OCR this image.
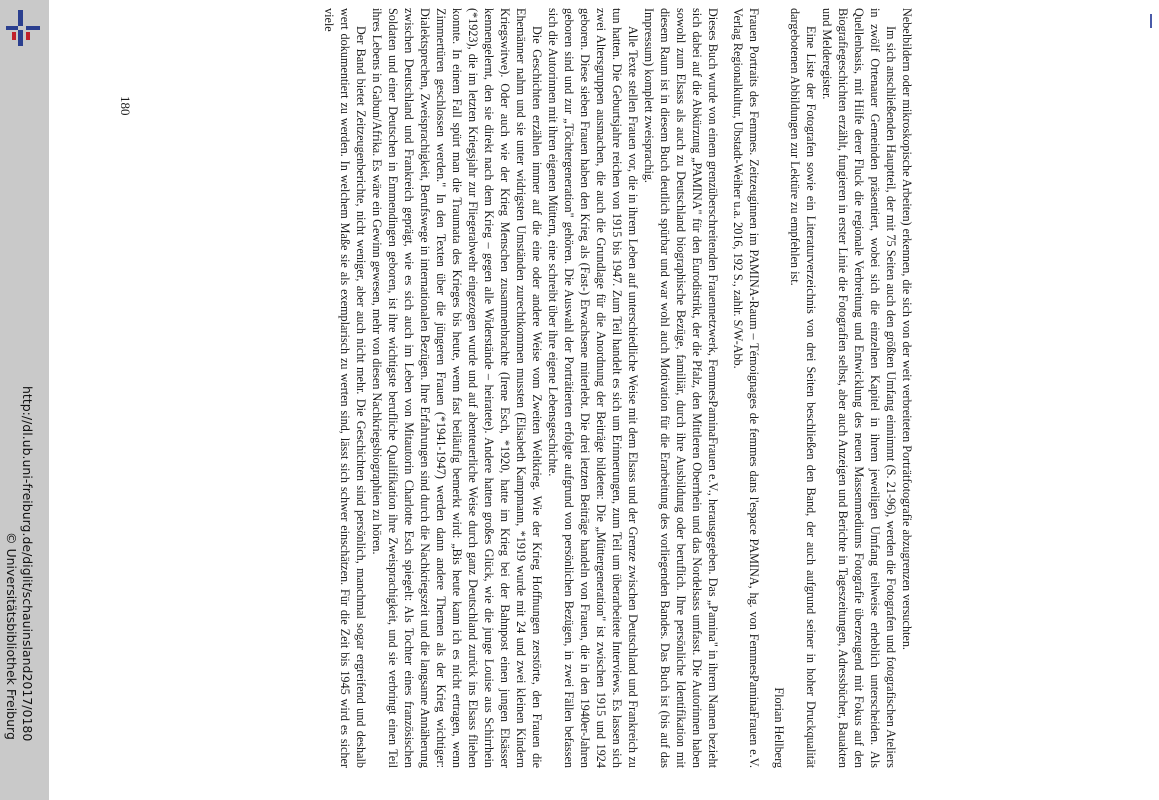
http://dl.ub.uni-freiburg.de/diglit/schauinsland2017/0180
© Universitätsbibliothek Freiburg
180	Nebelbildern oder mikroskopische Arbeiten) erkennen, die sich von der weit verbreiteten Porträtfotografie abzugrenzen versuchten.

Im sich anschließenden Hauptteil, der mit 75 Seiten auch den größten Umfang einnimmt (S. 21-96), werden die Fotografen und fotografischen Ateliers in zwölf Ortenauer Gemeinden präsentiert, wobei sich die einzelnen Kapitel in ihrem jeweiligen Umfang teilweise erheblich unterscheiden. Als Quellenbasis, mit Hilfe derer Fluck die regionale Verbreitung und Entwicklung des neuen Massenmediums Fotografie überzeugend mit Fokus auf den Biografiegeschichten erzählt, fungieren in erster Linie die Fotografien selbst, aber auch Anzeigen und Berichte in Tageszeitungen, Adressbücher, Bauakten und Melderegister.

Eine Liste der Fotografen sowie ein Literaturverzeichnis von drei Seiten beschließen den Band, der auch aufgrund seiner in hoher Druckqualität dargebotenen Abbildungen zur Lektüre zu empfehlen ist.

Florian Hellberg

Frauen Portraits des Femmes. Zeitzeuginnen im PAMINA-Raum – Témoignages de femmes dans l'espace PAMINA, hg. von FemmesPaminaFrauen e.V. Verlag Regionalkultur, Ubstadt-Weiher u.a. 2016, 192 S., zahlr. S/W-Abb.

Dieses Buch wurde von einem grenzüberschreitenden Frauennetzwerk, FemmesPaminaFrauen e.V., herausgegeben. Das „Pamina" in ihrem Namen bezieht sich dabei auf die Abkürzung „PAMINA" für den Eurodistrikt, der die Pfalz, den Mittleren Oberrhein und das Nordelsass umfasst. Die Autorinnen haben sowohl zum Elsass als auch zu Deutschland biographische Bezüge, familiär, durch ihre Ausbildung oder beruflich. Ihre persönliche Identifikation mit diesem Raum ist in diesem Buch deutlich spürbar und war wohl auch Motivation für die Erarbeitung des vorliegenden Bandes. Das Buch ist (bis auf das Impressum) komplett zweisprachig.

Alle Texte stellen Frauen vor, die in ihrem Leben auf unterschiedliche Weise mit dem Elsass und der Grenze zwischen Deutschland und Frankreich zu tun hatten. Die Geburtsjahre reichen von 1915 bis 1947. Zum Teil handelt es sich um Erinnerungen, zum Teil um überarbeitete Interviews. Es lassen sich zwei Altersgruppen ausmachen, die auch die Grundlage für die Anordnung der Beiträge bildeten: Die „Müttergeneration" ist zwischen 1915 und 1924 geboren. Diese sieben Frauen haben den Krieg als (Fast-) Erwachsene miterlebt. Die drei letzten Beiträge handeln von Frauen, die in den 1940er-Jahren geboren sind und zur „Töchtergeneration" gehören. Die Auswahl der Porträtierten erfolgte aufgrund von persönlichen Bezügen, in zwei Fällen befassen sich die Autorinnen mit ihren eigenen Müttern, eine schreibt über ihre eigene Lebensgeschichte.

Die Geschichten erzählen immer auf die eine oder andere Weise vom Zweiten Weltkrieg. Wie der Krieg Hoffnungen zerstörte, den Frauen die Ehemänner nahm und sie unter widrigsten Umständen zurechtkommen mussten (Elisabeth Kampmann, *1919 wurde mit 24 und zwei kleinen Kindern Kriegswitwe). Oder auch wie der Krieg Menschen zusammenbrachte (Irene Esch, *1920, hatte im Krieg bei der Bahnpost einen jungen Elsässer kennengelernt, den sie direkt nach dem Krieg – gegen alle Widerstände – heiratete). Andere hatten großes Glück, wie die junge Louise aus Schirrhein (*1923), die im letzten Kriegsjahr zur Fliegerabwehr eingezogen wurde und auf abenteuerliche Weise durch ganz Deutschland zurück ins Elsass fliehen konnte. In einem Fall spürt man die Traumata des Krieges bis heute, wenn fast beiläufig bemerkt wird: „Bis heute kann ich es nicht ertragen, wenn Zimmertüren geschlossen werden." In den Texten über die jüngeren Frauen (*1941-1947) werden dann andere Themen als der Krieg wichtiger: Dialektsprechen, Zweisprachigkeit, Berufswege in internationalen Bezügen. Ihre Erfahrungen sind durch die Nachkriegszeit und die langsame Annäherung zwischen Deutschland und Frankreich geprägt, wie es sich auch im Leben von Mitautorin Charlotte Esch spiegelt: Als Tochter eines französischen Soldaten und einer Deutschen in Emmendingen geboren, ist ihre wichtigste berufliche Qualifikation ihre Zweisprachigkeit, und sie verbringt einen Teil ihres Lebens in Gabun/Afrika. Es wäre ein Gewinn gewesen, mehr von diesen Nachkriegsbiographien zu hören.

Der Band bietet Zeitzeugenberichte, nicht weniger, aber auch nicht mehr. Die Geschichten sind persönlich, manchmal sogar ergreifend und deshalb wert dokumentiert zu werden. In welchem Maße sie als exemplarisch zu werten sind, lässt sich schwer einschätzen. Für die Zeit bis 1945 wird es sicher viele
